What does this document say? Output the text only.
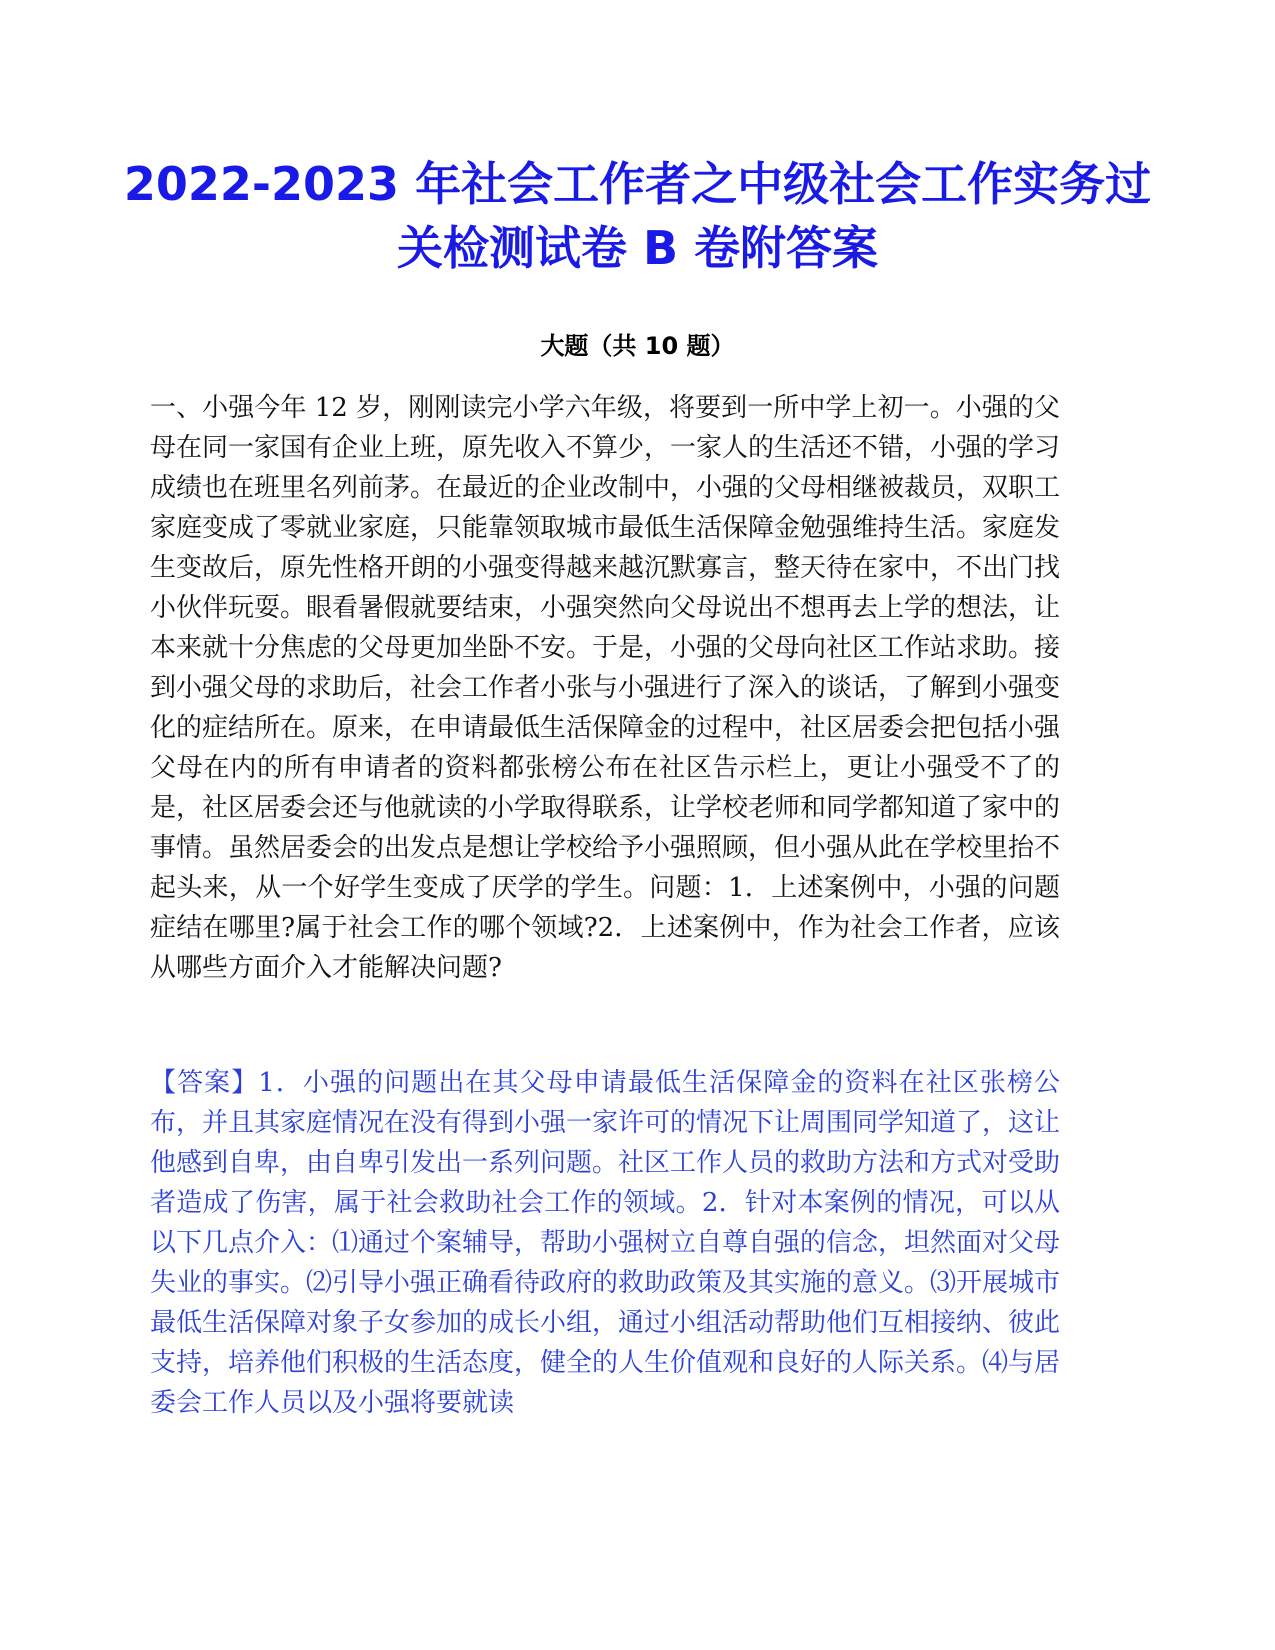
2022-2023 年社会工作者之中级社会工作实务过关检测试卷 B 卷附答案
大题（共 10 题）

一、小强今年 12 岁，刚刚读完小学六年级，将要到一所中学上初一。小强的父母在同一家国有企业上班，原先收入不算少，一家人的生活还不错，小强的学习成绩也在班里名列前茅。在最近的企业改制中，小强的父母相继被裁员，双职工家庭变成了零就业家庭，只能靠领取城市最低生活保障金勉强维持生活。家庭发生变故后，原先性格开朗的小强变得越来越沉默寡言，整天待在家中，不出门找小伙伴玩耍。眼看暑假就要结束，小强突然向父母说出不想再去上学的想法，让本来就十分焦虑的父母更加坐卧不安。于是，小强的父母向社区工作站求助。接到小强父母的求助后，社会工作者小张与小强进行了深入的谈话，了解到小强变化的症结所在。原来，在申请最低生活保障金的过程中，社区居委会把包括小强父母在内的所有申请者的资料都张榜公布在社区告示栏上，更让小强受不了的是，社区居委会还与他就读的小学取得联系，让学校老师和同学都知道了家中的事情。虽然居委会的出发点是想让学校给予小强照顾，但小强从此在学校里抬不起头来，从一个好学生变成了厌学的学生。问题：1．上述案例中，小强的问题症结在哪里?属于社会工作的哪个领域?2．上述案例中，作为社会工作者，应该从哪些方面介入才能解决问题?

【答案】1．小强的问题出在其父母申请最低生活保障金的资料在社区张榜公布，并且其家庭情况在没有得到小强一家许可的情况下让周围同学知道了，这让他感到自卑，由自卑引发出一系列问题。社区工作人员的救助方法和方式对受助者造成了伤害，属于社会救助社会工作的领域。2．针对本案例的情况，可以从以下几点介入：⑴通过个案辅导，帮助小强树立自尊自强的信念，坦然面对父母失业的事实。⑵引导小强正确看待政府的救助政策及其实施的意义。⑶开展城市最低生活保障对象子女参加的成长小组，通过小组活动帮助他们互相接纳、彼此支持，培养他们积极的生活态度，健全的人生价值观和良好的人际关系。⑷与居委会工作人员以及小强将要就读
